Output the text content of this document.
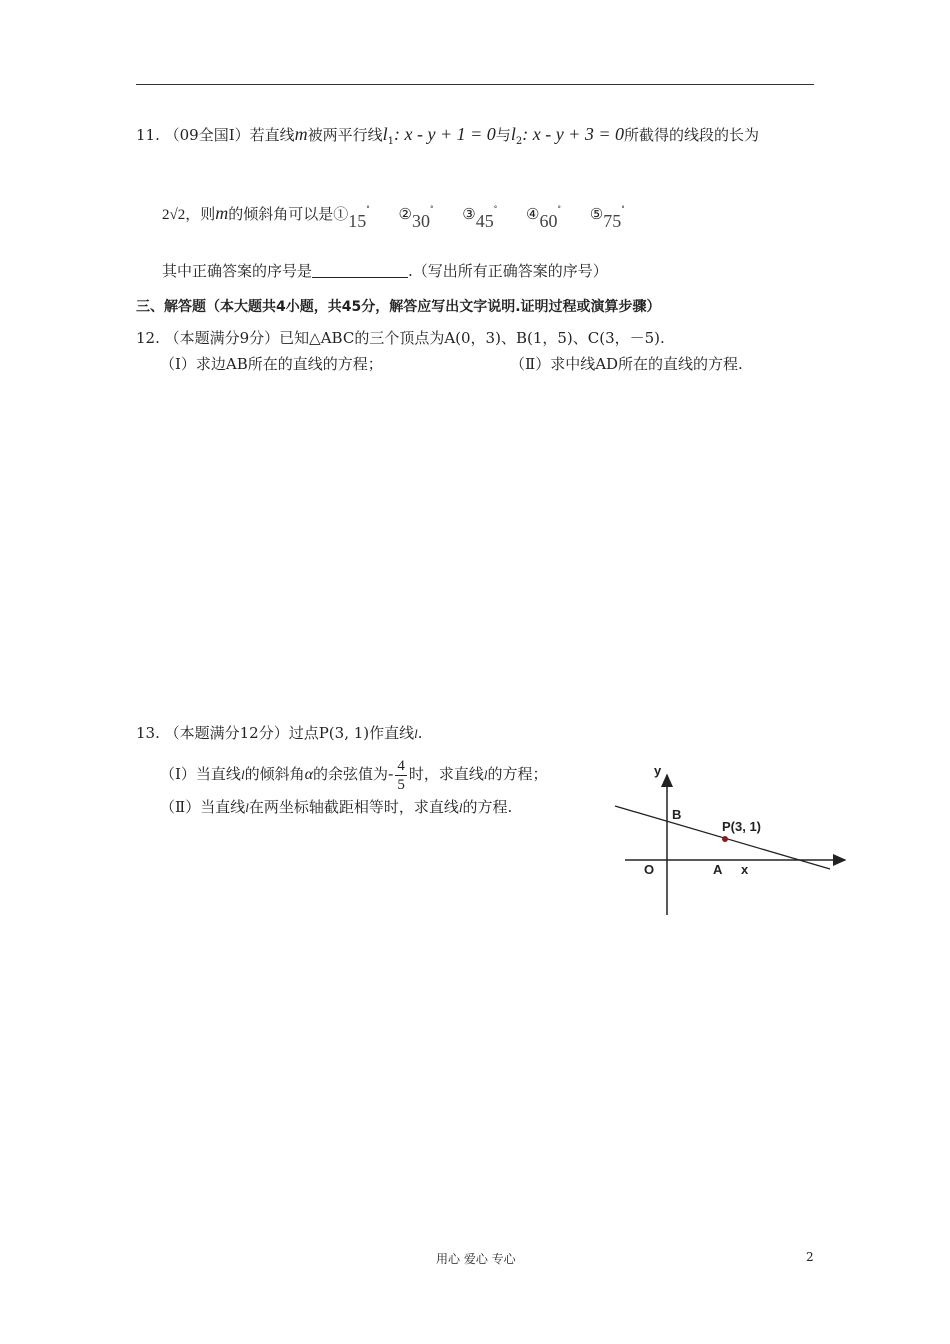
11. （09全国Ⅰ）若直线m被两平行线$l_1$: x - y + 1 = 0与$l_2$: x - y + 3 = 0所截得的线段的长为
2√2，则m的倾斜角可以是①15° ②30° ③45° ④60° ⑤75°
其中正确答案的序号是	.（写出所有正确答案的序号）
三、解答题（本大题共4小题，共45分，解答应写出文字说明.证明过程或演算步骤）
12. （本题满分9分）已知△ABC的三个顶点为A(0，3)、B(1，5)、C(3，－5).
（Ⅰ）求边AB所在的直线的方程；	（Ⅱ）求中线AD所在的直线的方程.
13. （本题满分12分）过点P(3, 1)作直线l.
（Ⅰ）当直线l的倾斜角α的余弦值为- $\frac{4}{5}$ 时，求直线l的方程；
（Ⅱ）当直线l在两坐标轴截距相等时，求直线l的方程.
y
x
O	A
B
P(3, 1)
用心 爱心 专心	2
